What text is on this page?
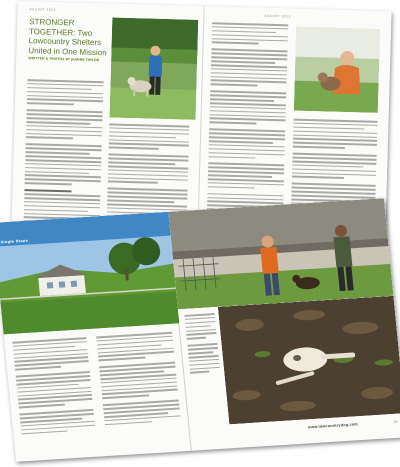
AUGUST 2012
STRONGER TOGETHER: Two Lowcountry Shelters United in One Mission
WRITTEN & PHOTOS BY JEANNE TAYLOR
AUGUST 2012
Single Steps
www.lowcountrydog.com
23
